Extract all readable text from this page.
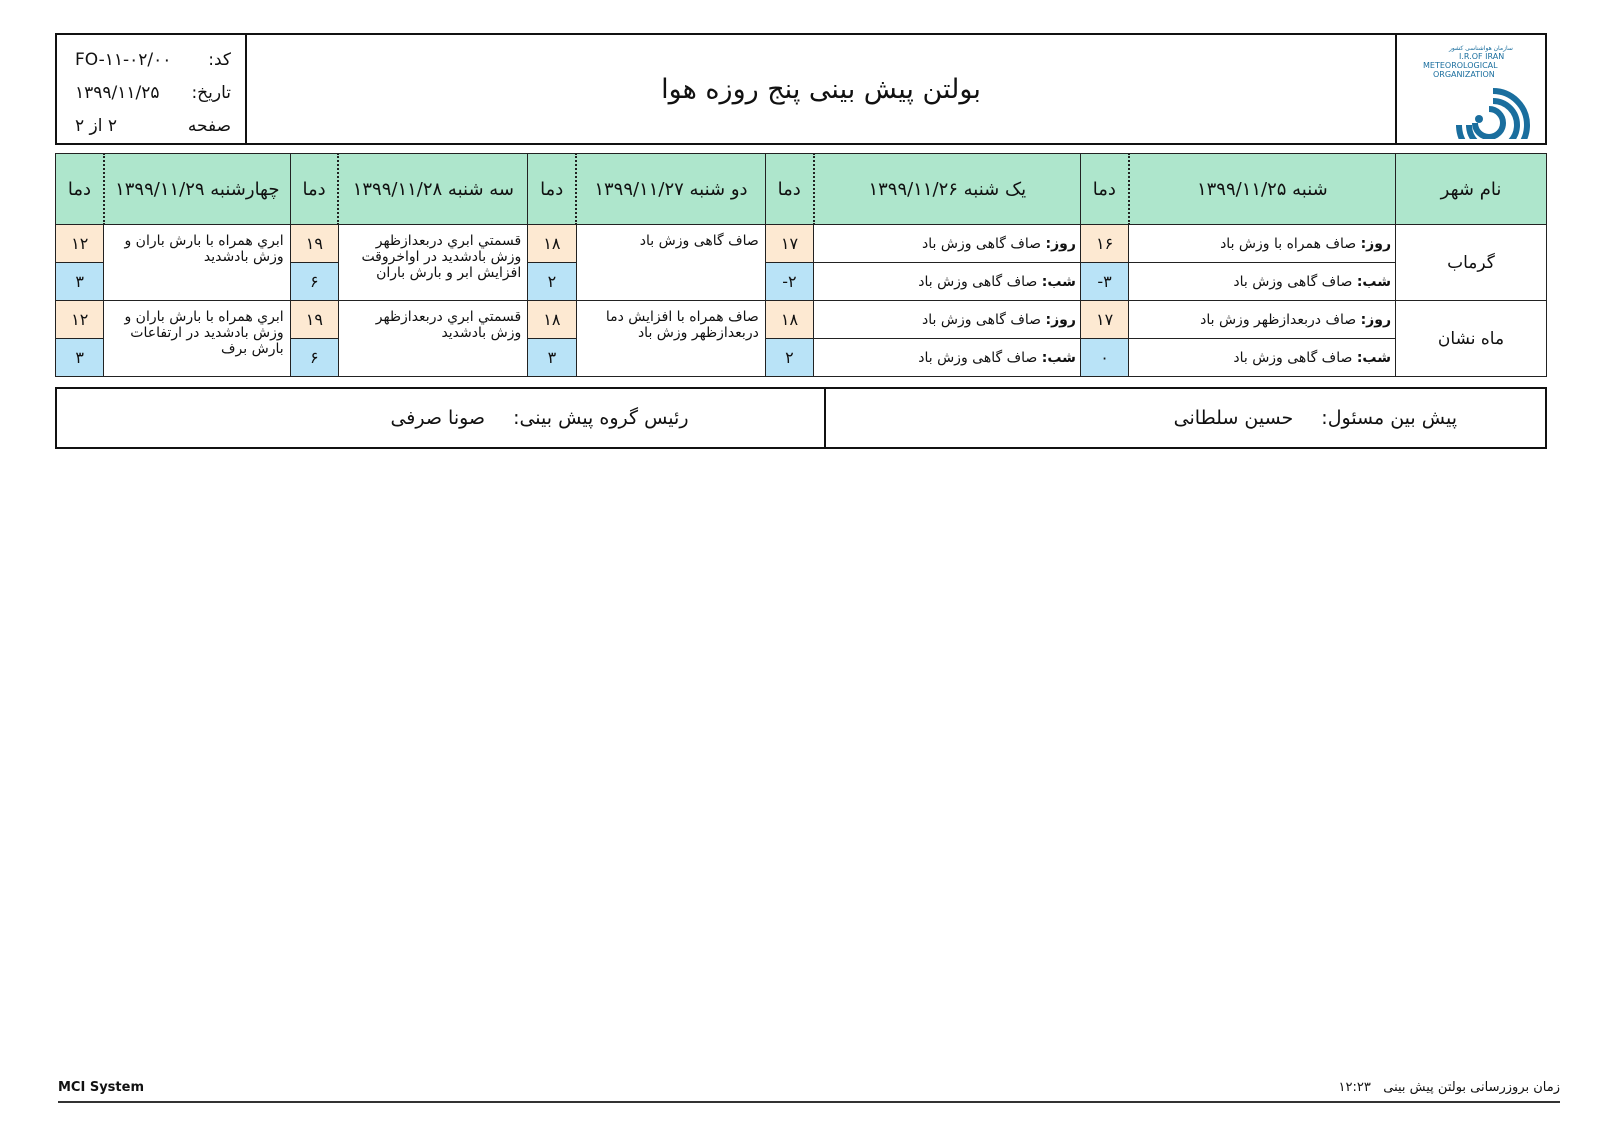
کد:
FO-۱۱-۰۲/۰۰
تاریخ:
۱۳۹۹/۱۱/۲۵
صفحه
۲ از ۲
بولتن پیش بینی پنج روزه هوا
سازمان هواشناسی کشور
I.R.OF IRAN
METEOROLOGICAL
ORGANIZATION
نام شهر	شنبه ۱۳۹۹/۱۱/۲۵	دما	یک شنبه ۱۳۹۹/۱۱/۲۶	دما	دو شنبه ۱۳۹۹/۱۱/۲۷	دما	سه شنبه ۱۳۹۹/۱۱/۲۸	دما	چهارشنبه ۱۳۹۹/۱۱/۲۹	دما
گرماب	روز: صاف همراه با وزش باد	۱۶	روز: صاف گاهی وزش باد	۱۷	صاف گاهی وزش باد	۱۸	قسمتي ابري دربعدازظهر وزش بادشديد در اواخروقت افزايش ابر و بارش باران	۱۹	ابري همراه با بارش باران و وزش بادشديد	۱۲
	شب: صاف گاهی وزش باد	-۳	شب: صاف گاهی وزش باد	-۲		۲		۶		۳
ماه نشان	روز: صاف دربعدازظهر وزش باد	۱۷	روز: صاف گاهی وزش باد	۱۸	صاف همراه با افزایش دما دربعدازظهر وزش باد	۱۸	قسمتي ابري دربعدازظهر وزش بادشديد	۱۹	ابري همراه با بارش باران و وزش بادشديد در ارتفاعات بارش برف	۱۲
	شب: صاف گاهی وزش باد	۰	شب: صاف گاهی وزش باد	۲		۳		۶		۳
پیش بین مسئول:
حسین سلطانی
رئیس گروه پیش بینی:
صونا صرفی
MCI System	زمان بروزرسانی بولتن پیش بینی   ۱۲:۲۳
